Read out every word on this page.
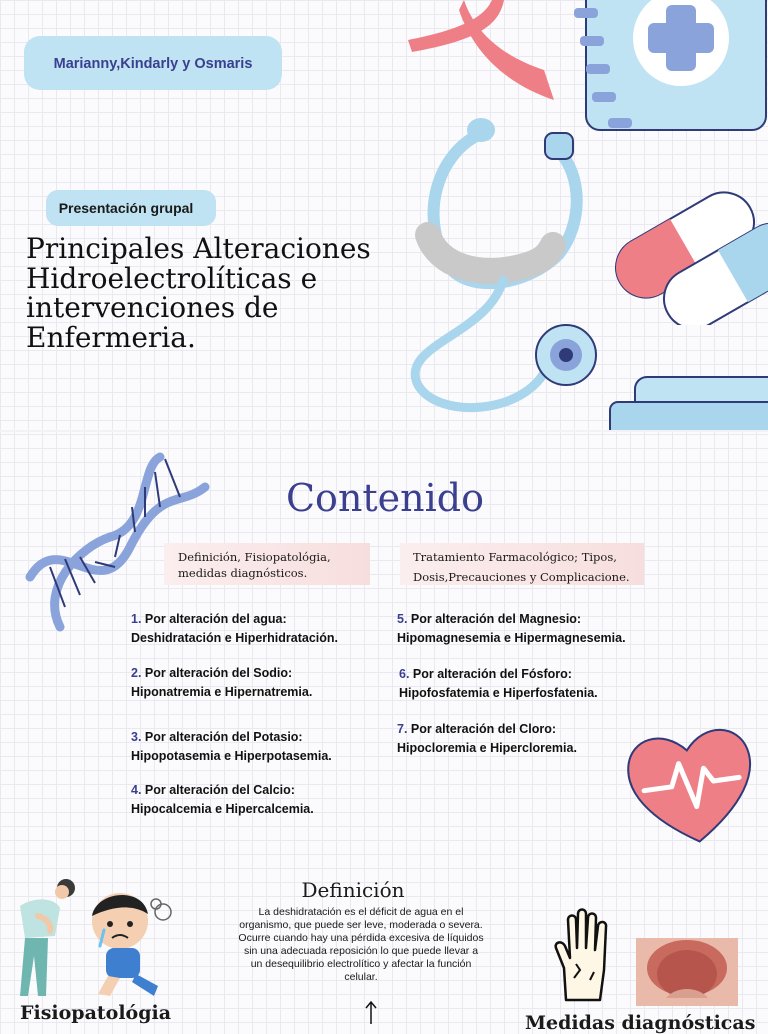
Marianny,Kindarly y Osmaris
Presentación grupal
Principales Alteraciones
Hidroelectrolíticas e
intervenciones de
Enfermeria.
Contenido
Definición, Fisiopatológia,
medidas diagnósticos.
Tratamiento Farmacológico; Tipos,
Dosis,Precauciones y Complicacione.
1. Por alteración del agua:
Deshidratación e Hiperhidratación.
2. Por alteración del Sodio:
Hiponatremia e Hipernatremia.
3. Por alteración del Potasio:
Hipopotasemia e Hiperpotasemia.
4. Por alteración del Calcio:
Hipocalcemia e Hipercalcemia.
5. Por alteración del Magnesio:
Hipomagnesemia e Hipermagnesemia.
6. Por alteración del Fósforo:
Hipofosfatemia e Hiperfosfatenia.
7. Por alteración del Cloro:
Hipocloremia e Hipercloremia.
Fisiopatológia
Definición
La deshidratación es el déficit de agua en el organismo, que puede ser leve, moderada o severa. Ocurre cuando hay una pérdida excesiva de líquidos sin una adecuada reposición lo que puede llevar a un desequilibrio electrolítico y afectar la función celular.
Medidas diagnósticas
